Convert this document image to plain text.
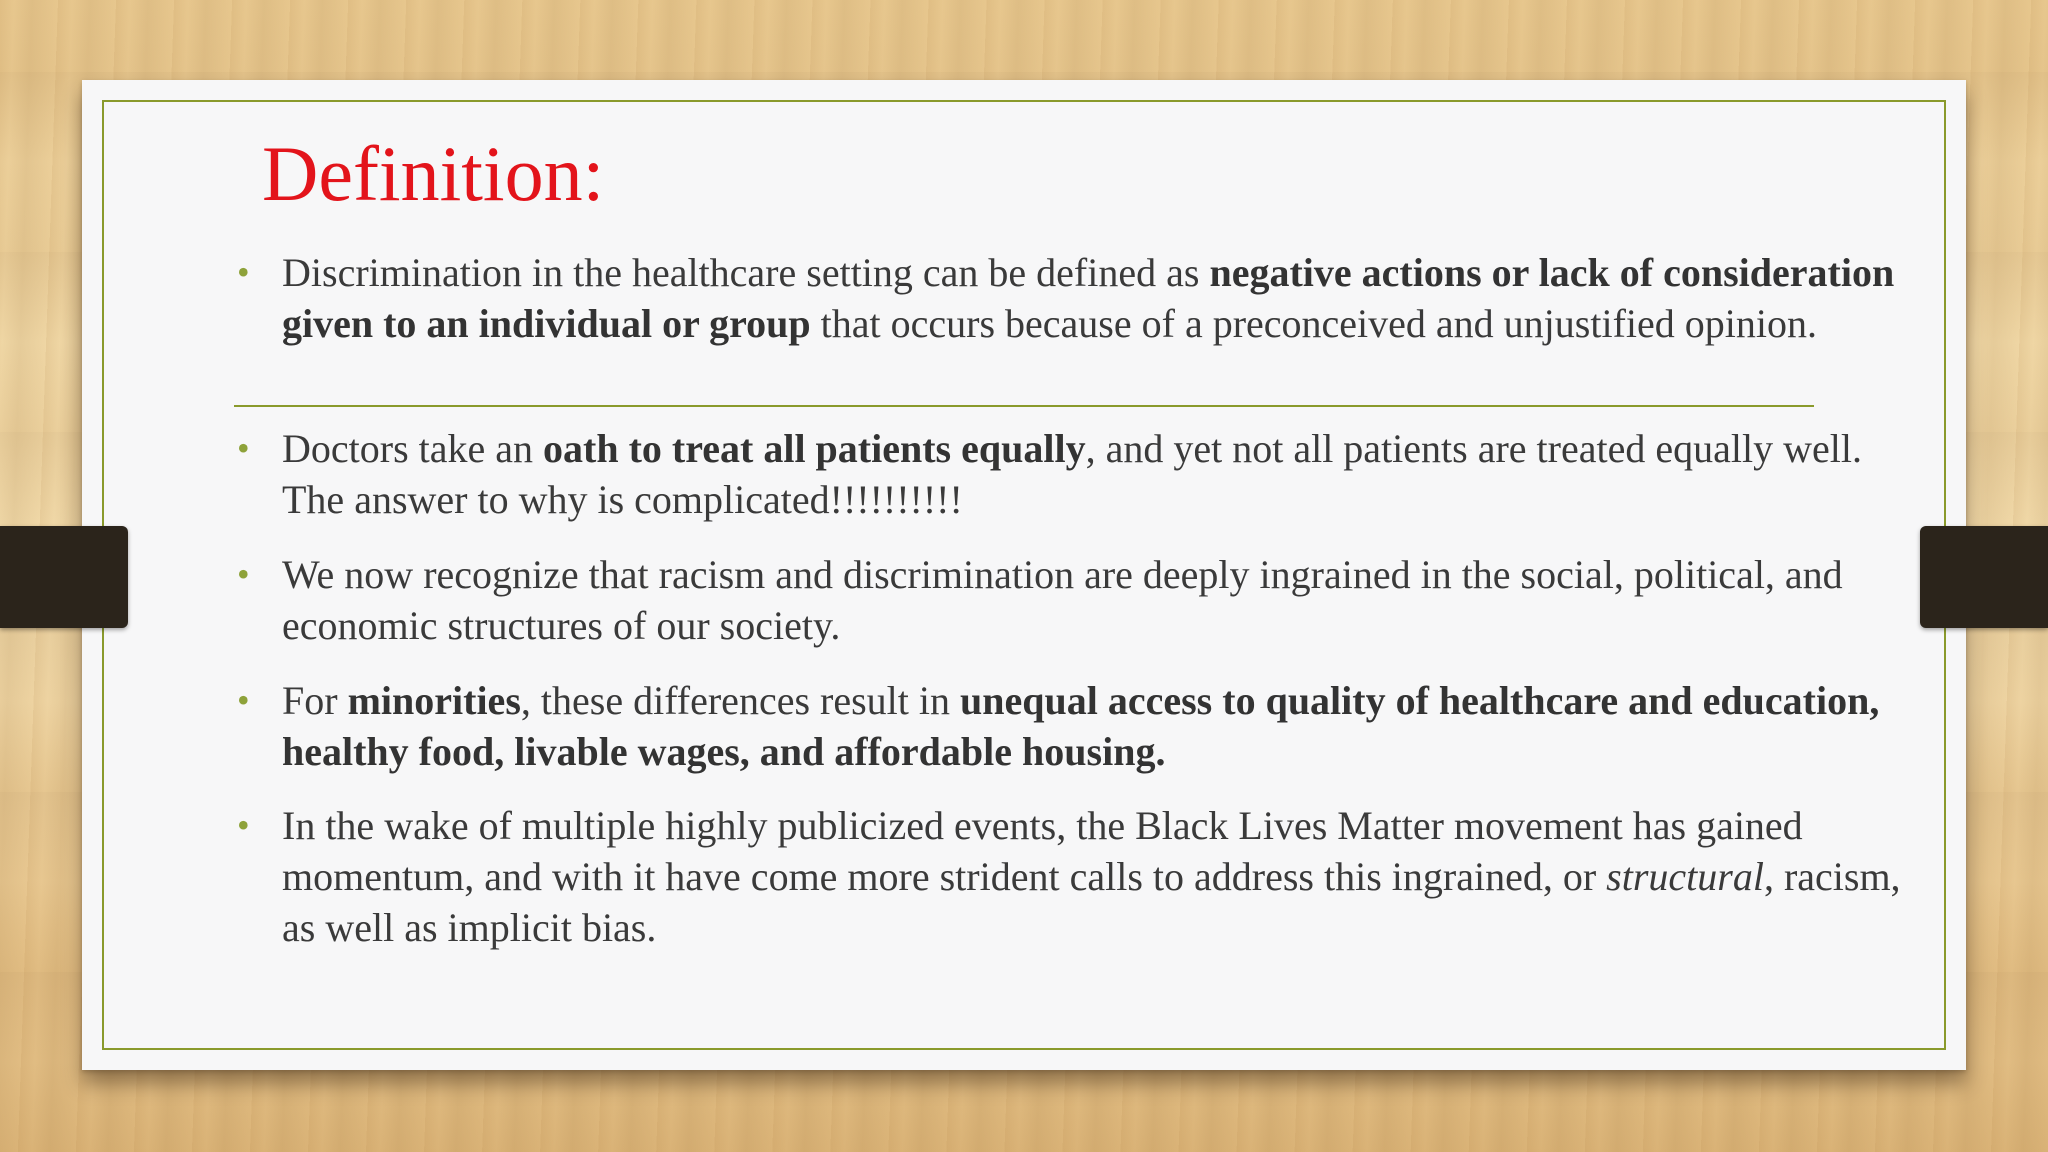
Definition:
• Discrimination in the healthcare setting can be defined as negative actions or lack of consideration given to an individual or group that occurs because of a preconceived and unjustified opinion.
• Doctors take an oath to treat all patients equally, and yet not all patients are treated equally well. The answer to why is complicated!!!!!!!!!!
• We now recognize that racism and discrimination are deeply ingrained in the social, political, and economic structures of our society.
• For minorities, these differences result in unequal access to quality of healthcare and education, healthy food, livable wages, and affordable housing.
• In the wake of multiple highly publicized events, the Black Lives Matter movement has gained momentum, and with it have come more strident calls to address this ingrained, or structural, racism, as well as implicit bias.
